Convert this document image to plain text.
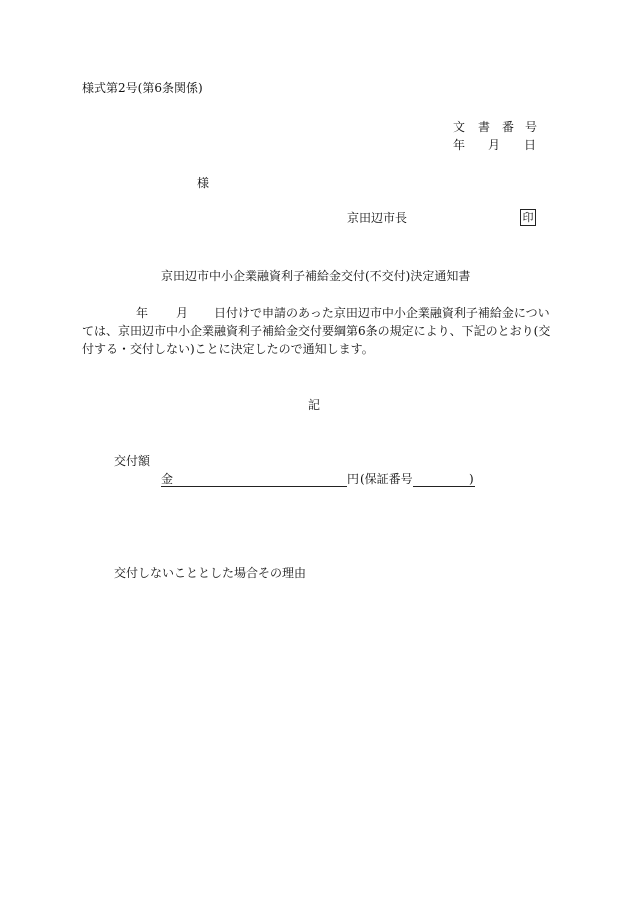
様式第2号(第6条関係)
文 書 番 号
年 月 日
様
京田辺市長	印
京田辺市中小企業融資利子補給金交付(不交付)決定通知書
年 月 日付けで申請のあった京田辺市中小企業融資利子補給金については、京田辺市中小企業融資利子補給金交付要綱第6条の規定により、下記のとおり(交付する・交付しない)ことに決定したので通知します。
記
交付額
金	円 (保証番号	)
交付しないこととした場合その理由
